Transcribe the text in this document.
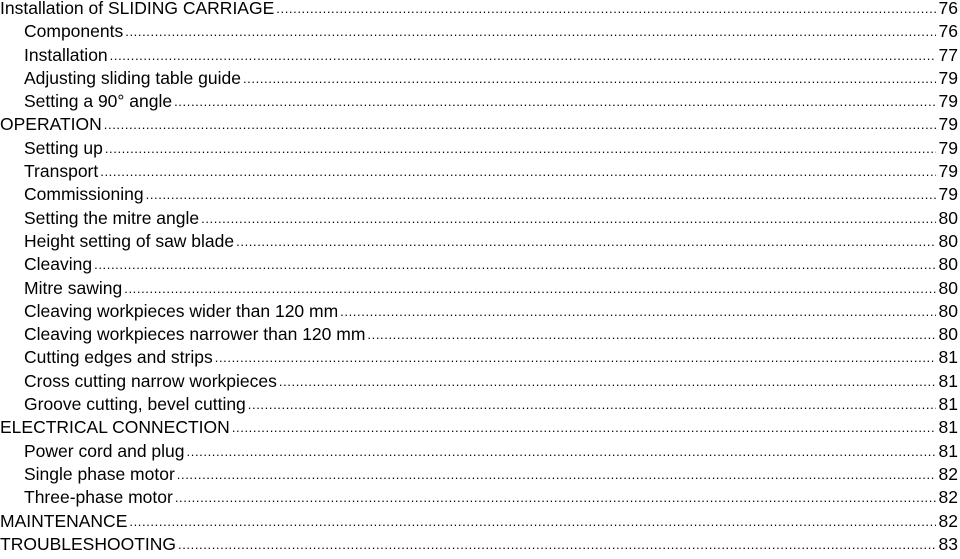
Installation of SLIDING CARRIAGE .....	76
Components .....	76
Installation .....	77
Adjusting sliding table guide .....	79
Setting a 90° angle .....	79
OPERATION .....	79
Setting up .....	79
Transport .....	79
Commissioning .....	79
Setting the mitre angle .....	80
Height setting of saw blade .....	80
Cleaving .....	80
Mitre sawing .....	80
Cleaving workpieces wider than 120 mm .....	80
Cleaving workpieces narrower than 120 mm .....	80
Cutting edges and strips .....	81
Cross cutting narrow workpieces .....	81
Groove cutting, bevel cutting .....	81
ELECTRICAL CONNECTION .....	81
Power cord and plug .....	81
Single phase motor .....	82
Three-phase motor .....	82
MAINTENANCE .....	82
TROUBLESHOOTING .....	83
